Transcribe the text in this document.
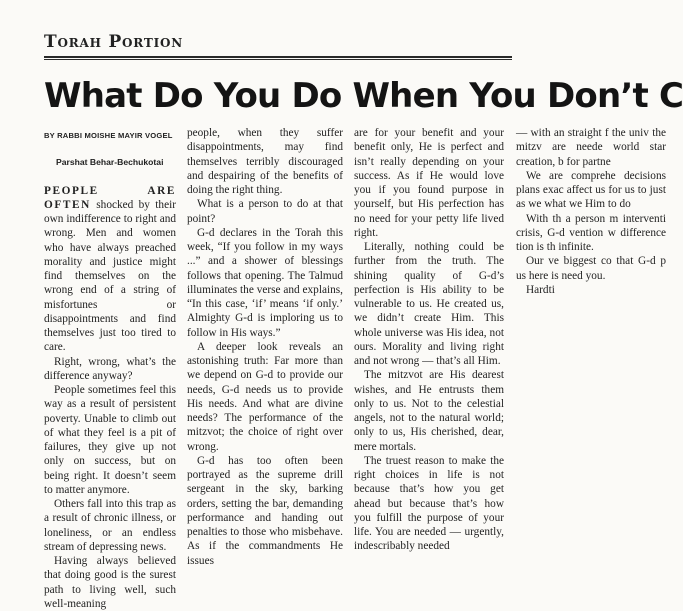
Torah Portion
What Do You Do When You Don’t C
BY RABBI MOISHE MAYIR VOGEL
Parshat Behar-Bechukotai

PEOPLE ARE OFTEN shocked by their own indifference to right and wrong. Men and women who have always preached morality and justice might find themselves on the wrong end of a string of misfortunes or disappointments and find themselves just too tired to care.

Right, wrong, what’s the difference anyway?

People sometimes feel this way as a result of persistent poverty. Unable to climb out of what they feel is a pit of failures, they give up not only on success, but on being right. It doesn’t seem to matter anymore.

Others fall into this trap as a result of chronic illness, or loneliness, or an endless stream of depressing news.

Having always believed that doing good is the surest path to living well, such well-meaning

people, when they suffer disappointments, may find themselves terribly discouraged and despairing of the benefits of doing the right thing.

What is a person to do at that point?

G-d declares in the Torah this week, “If you follow in my ways ...” and a shower of blessings follows that opening. The Talmud illuminates the verse and explains, “In this case, ‘if’ means ‘if only.’ Almighty G-d is imploring us to follow in His ways.”

A deeper look reveals an astonishing truth: Far more than we depend on G-d to provide our needs, G-d needs us to provide His needs. And what are divine needs? The performance of the mitzvot; the choice of right over wrong.

G-d has too often been portrayed as the supreme drill sergeant in the sky, barking orders, setting the bar, demanding performance and handing out penalties to those who misbehave. As if the commandments He issues

are for your benefit and your benefit only, He is perfect and isn’t really depending on your success. As if He would love you if you found purpose in yourself, but His perfection has no need for your petty life lived right.

Literally, nothing could be further from the truth. The shining quality of G-d’s perfection is His ability to be vulnerable to us. He created us, we didn’t create Him. This whole universe was His idea, not ours. Morality and living right and not wrong — that’s all Him.

The mitzvot are His dearest wishes, and He entrusts them only to us. Not to the celestial angels, not to the natural world; only to us, His cherished, dear, mere mortals.

The truest reason to make the right choices in life is not because that’s how you get ahead but because that’s how you fulfill the purpose of your life. You are needed — urgently, indescribably needed

— with an straight f the univ the mitzv are neede world star creation, b for partne

We are comprehe decisions plans exac affect us for us to just as we what we Him to do

With th a person m interventi crisis, G-d vention w difference tion is th infinite.

Our ve biggest co that G-d p us here is need you.

Hardti
